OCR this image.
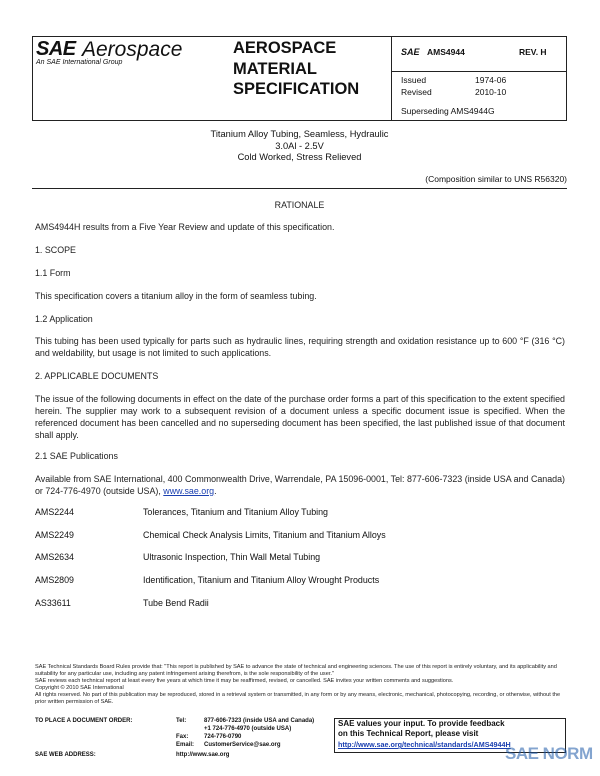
SAE Aerospace
An SAE International Group
AEROSPACE
MATERIAL
SPECIFICATION
SAE AMS4944	REV. H
Issued	1974-06
Revised	2010-10
Superseding AMS4944G
Titanium Alloy Tubing, Seamless, Hydraulic
3.0Al - 2.5V
Cold Worked, Stress Relieved
(Composition similar to UNS R56320)
RATIONALE
AMS4944H results from a Five Year Review and update of this specification.
1. SCOPE
1.1 Form
This specification covers a titanium alloy in the form of seamless tubing.
1.2 Application
This tubing has been used typically for parts such as hydraulic lines, requiring strength and oxidation resistance up to 600 °F (316 °C) and weldability, but usage is not limited to such applications.
2. APPLICABLE DOCUMENTS
The issue of the following documents in effect on the date of the purchase order forms a part of this specification to the extent specified herein. The supplier may work to a subsequent revision of a document unless a specific document issue is specified. When the referenced document has been cancelled and no superseding document has been specified, the last published issue of that document shall apply.
2.1 SAE Publications
Available from SAE International, 400 Commonwealth Drive, Warrendale, PA 15096-0001, Tel: 877-606-7323 (inside USA and Canada) or 724-776-4970 (outside USA), www.sae.org.
AMS2244	Tolerances, Titanium and Titanium Alloy Tubing
AMS2249	Chemical Check Analysis Limits, Titanium and Titanium Alloys
AMS2634	Ultrasonic Inspection, Thin Wall Metal Tubing
AMS2809	Identification, Titanium and Titanium Alloy Wrought Products
AS33611	Tube Bend Radii
SAE Technical Standards Board Rules provide that: "This report is published by SAE to advance the state of technical and engineering sciences. The use of this report is entirely voluntary, and its applicability and suitability for any particular use, including any patent infringement arising therefrom, is the sole responsibility of the user."
SAE reviews each technical report at least every five years at which time it may be reaffirmed, revised, or cancelled. SAE invites your written comments and suggestions.
Copyright © 2010 SAE International
All rights reserved. No part of this publication may be reproduced, stored in a retrieval system or transmitted, in any form or by any means, electronic, mechanical, photocopying, recording, or otherwise, without the prior written permission of SAE.
TO PLACE A DOCUMENT ORDER:	Tel:	877-606-7323 (inside USA and Canada)
+1 724-776-4970 (outside USA)
Fax:	724-776-0790
Email: CustomerService@sae.org
SAE WEB ADDRESS:	http://www.sae.org
SAE values your input. To provide feedback
on this Technical Report, please visit
http://www.sae.org/technical/standards/AMS4944H
SAE NORM
